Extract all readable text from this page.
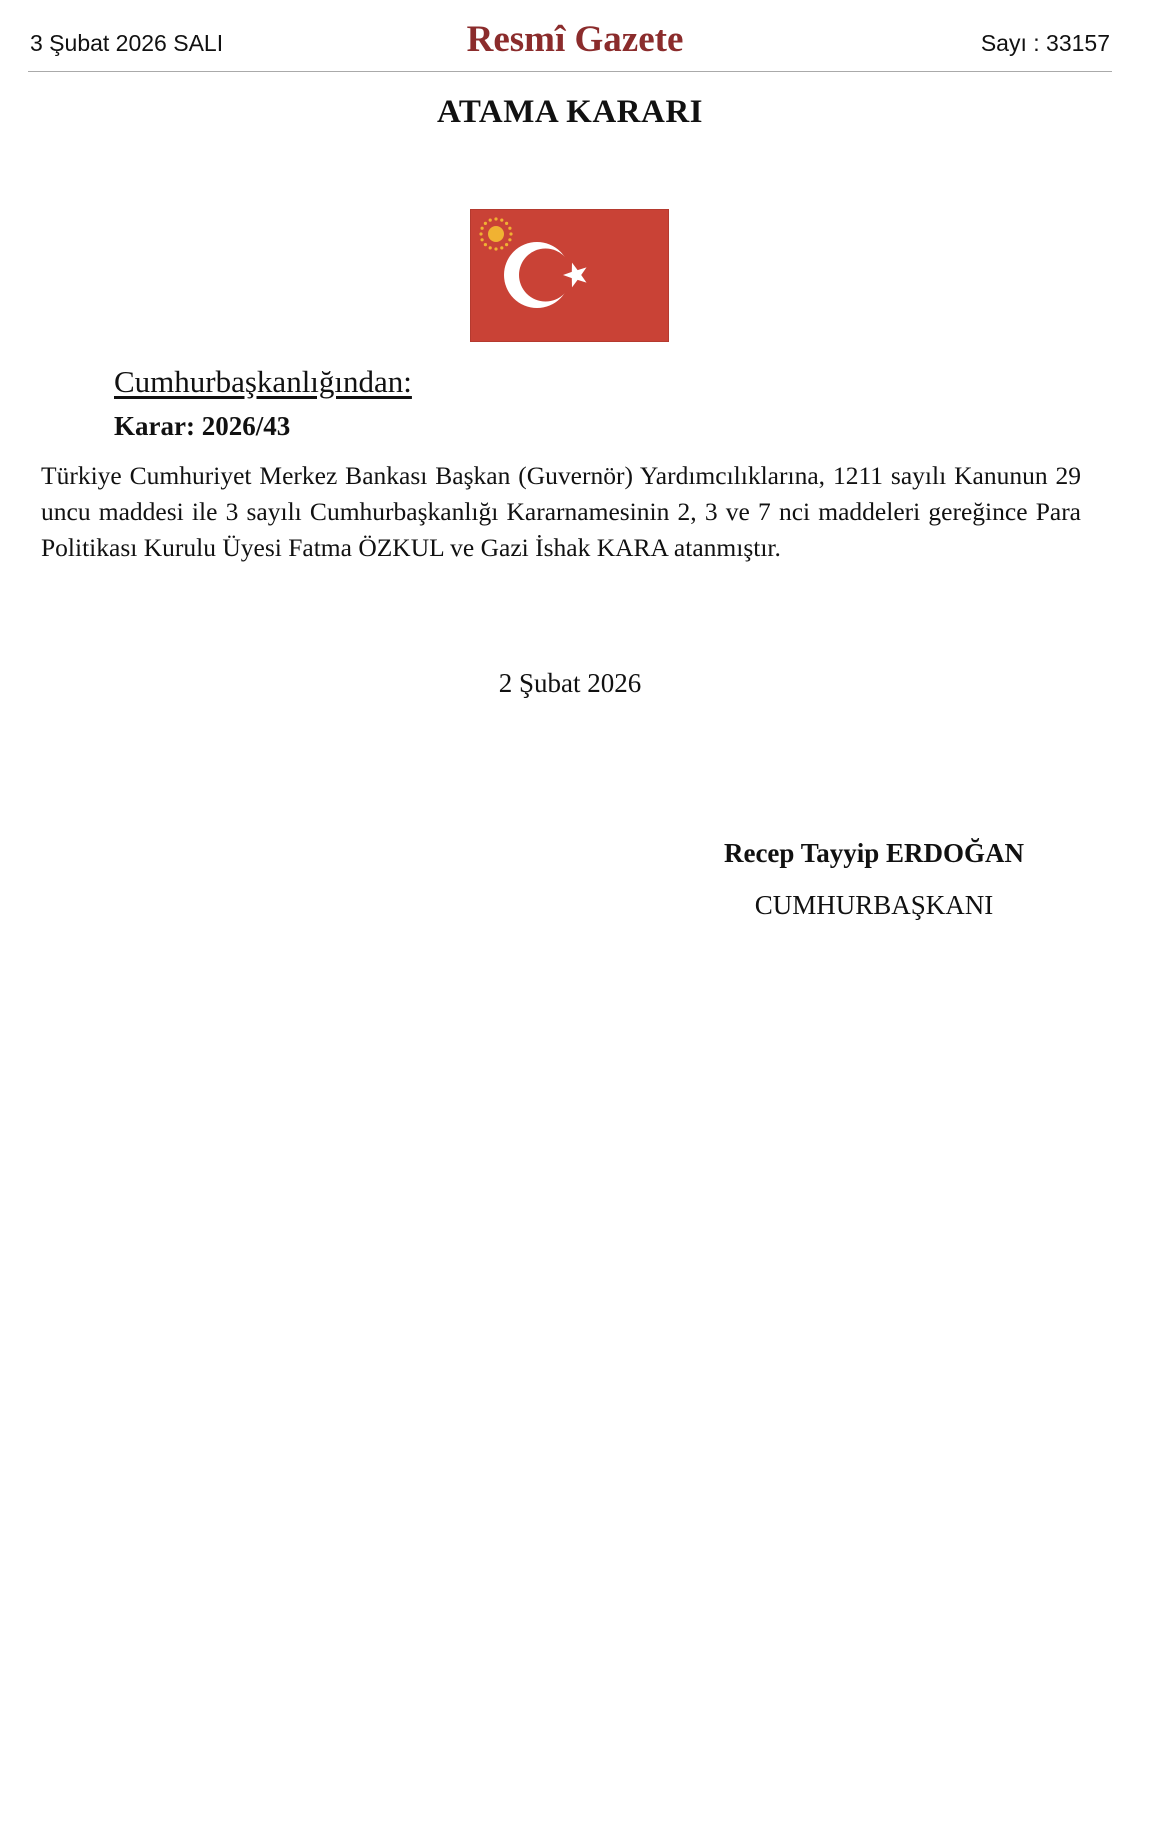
3 Şubat 2026 SALI	Resmî Gazete	Sayı : 33157
ATAMA KARARI
Cumhurbaşkanlığından:
Karar: 2026/43
Türkiye Cumhuriyet Merkez Bankası Başkan (Guvernör) Yardımcılıklarına, 1211 sayılı Kanunun 29 uncu maddesi ile 3 sayılı Cumhurbaşkanlığı Kararnamesinin 2, 3 ve 7 nci maddeleri gereğince Para Politikası Kurulu Üyesi Fatma ÖZKUL ve Gazi İshak KARA atanmıştır.
2 Şubat 2026
Recep Tayyip ERDOĞAN
CUMHURBAŞKANI
